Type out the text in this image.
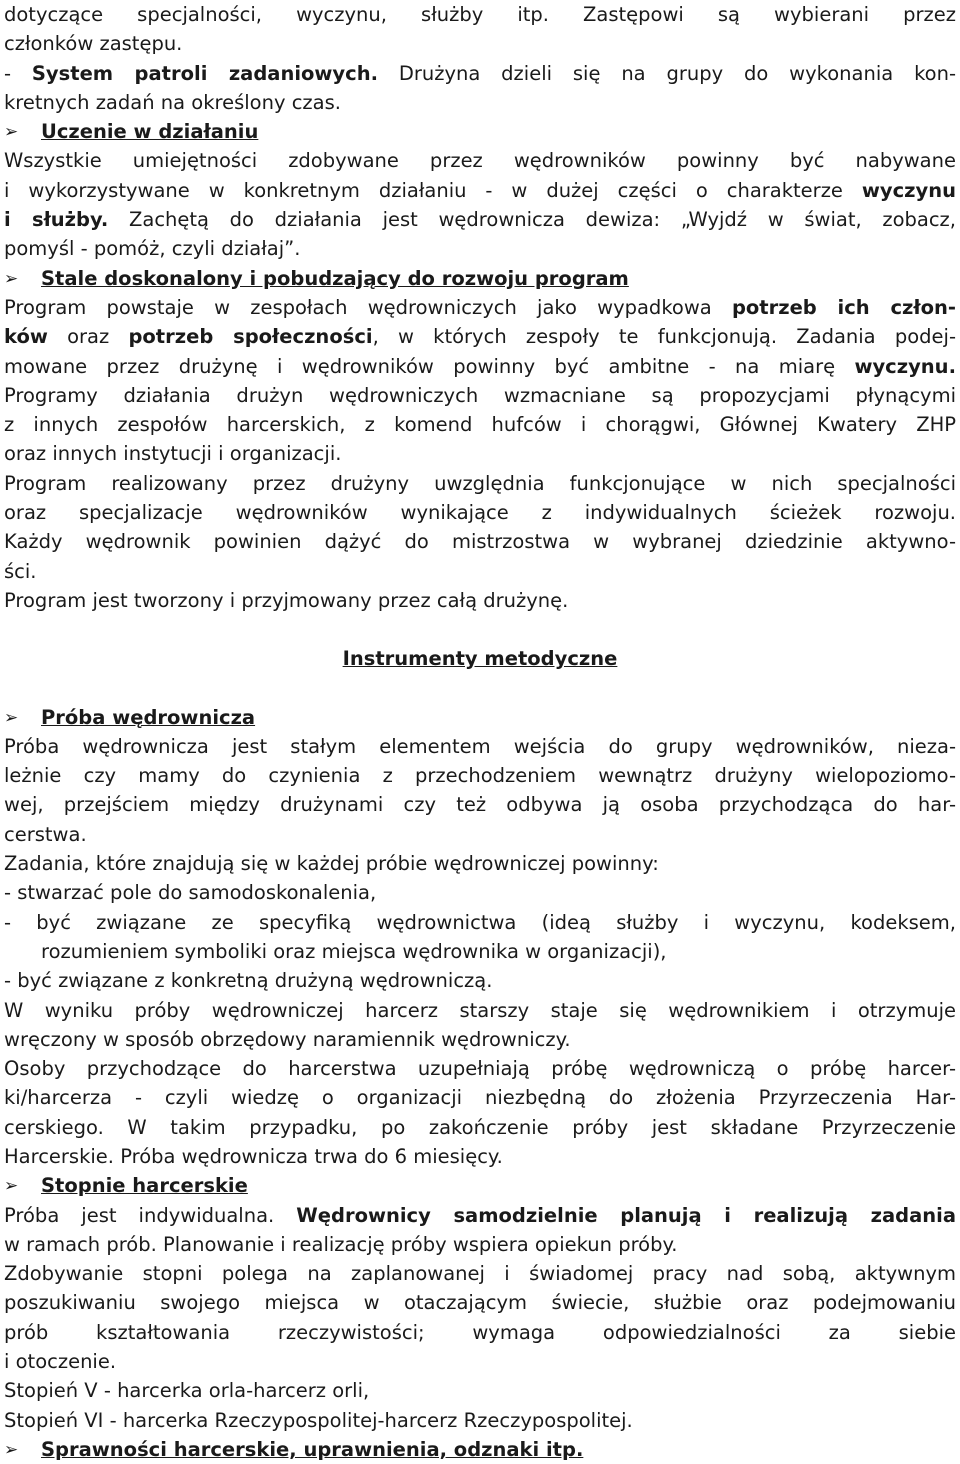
dotyczące specjalności, wyczynu, służby itp. Zastępowi są wybierani przez
członków zastępu.
- System patroli zadaniowych. Drużyna dzieli się na grupy do wykonania kon-
kretnych zadań na określony czas.
➢ Uczenie w działaniu
Wszystkie umiejętności zdobywane przez wędrowników powinny być nabywane
i wykorzystywane w konkretnym działaniu - w dużej części o charakterze wyczynu
i służby. Zachętą do działania jest wędrownicza dewiza: „Wyjdź w świat, zobacz,
pomyśl - pomóż, czyli działaj”.
➢ Stale doskonalony i pobudzający do rozwoju program
Program powstaje w zespołach wędrowniczych jako wypadkowa potrzeb ich człon-
ków oraz potrzeb społeczności, w których zespoły te funkcjonują. Zadania podej-
mowane przez drużynę i wędrowników powinny być ambitne - na miarę wyczynu.
Programy działania drużyn wędrowniczych wzmacniane są propozycjami płynącymi
z innych zespołów harcerskich, z komend hufców i chorągwi, Głównej Kwatery ZHP
oraz innych instytucji i organizacji.
Program realizowany przez drużyny uwzględnia funkcjonujące w nich specjalności
oraz specjalizacje wędrowników wynikające z indywidualnych ścieżek rozwoju.
Każdy wędrownik powinien dążyć do mistrzostwa w wybranej dziedzinie aktywno-
ści.
Program jest tworzony i przyjmowany przez całą drużynę.
Instrumenty metodyczne
➢ Próba wędrownicza
Próba wędrownicza jest stałym elementem wejścia do grupy wędrowników, nieza-
leżnie czy mamy do czynienia z przechodzeniem wewnątrz drużyny wielopoziomo-
wej, przejściem między drużynami czy też odbywa ją osoba przychodząca do har-
cerstwa.
Zadania, które znajdują się w każdej próbie wędrowniczej powinny:
- stwarzać pole do samodoskonalenia,
- być związane ze specyfiką wędrownictwa (ideą służby i wyczynu, kodeksem,
rozumieniem symboliki oraz miejsca wędrownika w organizacji),
- być związane z konkretną drużyną wędrowniczą.
W wyniku próby wędrowniczej harcerz starszy staje się wędrownikiem i otrzymuje
wręczony w sposób obrzędowy naramiennik wędrowniczy.
Osoby przychodzące do harcerstwa uzupełniają próbę wędrowniczą o próbę harcer-
ki/harcerza - czyli wiedzę o organizacji niezbędną do złożenia Przyrzeczenia Har-
cerskiego. W takim przypadku, po zakończenie próby jest składane Przyrzeczenie
Harcerskie. Próba wędrownicza trwa do 6 miesięcy.
➢ Stopnie harcerskie
Próba jest indywidualna. Wędrownicy samodzielnie planują i realizują zadania
w ramach prób. Planowanie i realizację próby wspiera opiekun próby.
Zdobywanie stopni polega na zaplanowanej i świadomej pracy nad sobą, aktywnym
poszukiwaniu swojego miejsca w otaczającym świecie, służbie oraz podejmowaniu
prób kształtowania rzeczywistości; wymaga odpowiedzialności za siebie
i otoczenie.
Stopień V - harcerka orla-harcerz orli,
Stopień VI - harcerka Rzeczypospolitej-harcerz Rzeczypospolitej.
➢ Sprawności harcerskie, uprawnienia, odznaki itp.
